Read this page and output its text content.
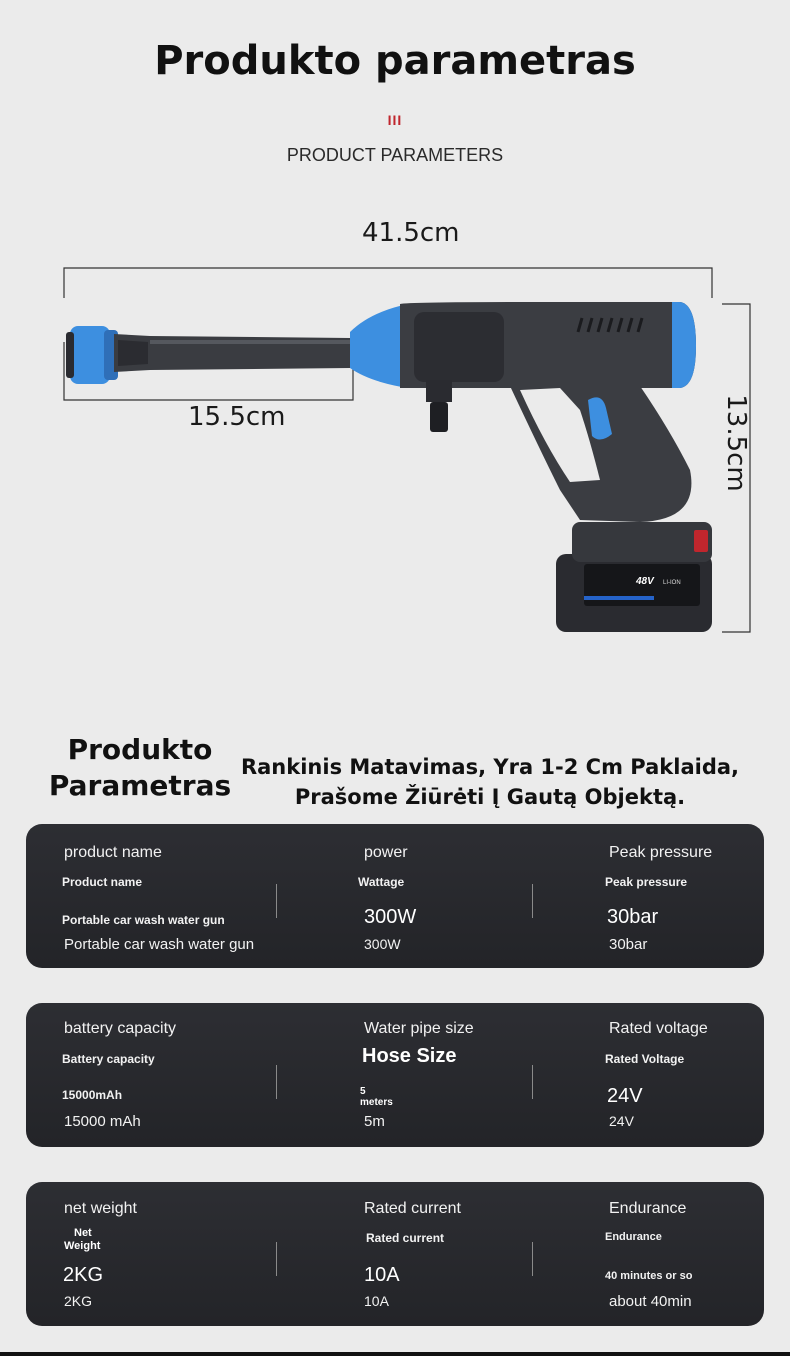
Produkto parametras
III
PRODUCT PARAMETERS
41.5cm
15.5cm	13.5cm
48V LI-ION
Produkto
Parametras
Rankinis Matavimas, Yra 1-2 Cm Paklaida,
Prašome Žiūrėti Į Gautą Objektą.
product name
Product name
Portable car wash water gun
Portable car wash water gun
power
Wattage
300W
300W
Peak pressure
Peak pressure
30bar
30bar
battery capacity
Battery capacity
15000mAh
15000 mAh
Water pipe size
Hose Size
5
meters
5m
Rated voltage
Rated Voltage
24V
24V
net weight
Net
Weight
2KG
2KG
Rated current
Rated current
10A
10A
Endurance
Endurance
40 minutes or so
about 40min
